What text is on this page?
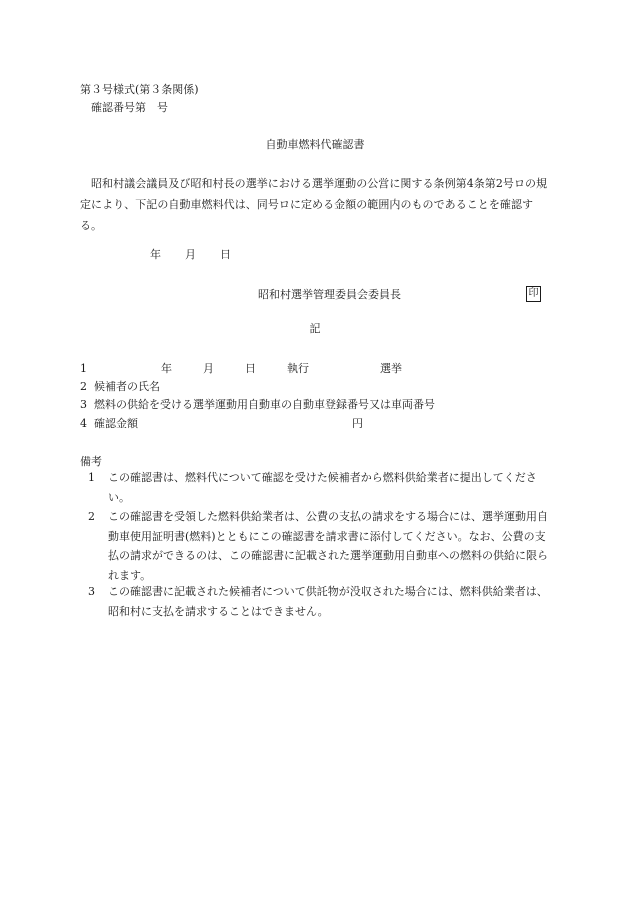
第３号様式(第３条関係)
確認番号第　号
自動車燃料代確認書
昭和村議会議員及び昭和村長の選挙における選挙運動の公営に関する条例第4条第2号ロの規定により、下記の自動車燃料代は、同号ロに定める金額の範囲内のものであることを確認する。
年 月 日
昭和村選挙管理委員会委員長	印
記
1	年	月	日	執行	選挙
2 候補者の氏名
3 燃料の供給を受ける選挙運動用自動車の自動車登録番号又は車両番号
4 確認金額	円
備考
1	この確認書は、燃料代について確認を受けた候補者から燃料供給業者に提出してください。
2	この確認書を受領した燃料供給業者は、公費の支払の請求をする場合には、選挙運動用自動車使用証明書(燃料)とともにこの確認書を請求書に添付してください。なお、公費の支払の請求ができるのは、この確認書に記載された選挙運動用自動車への燃料の供給に限られます。
3	この確認書に記載された候補者について供託物が没収された場合には、燃料供給業者は、昭和村に支払を請求することはできません。
